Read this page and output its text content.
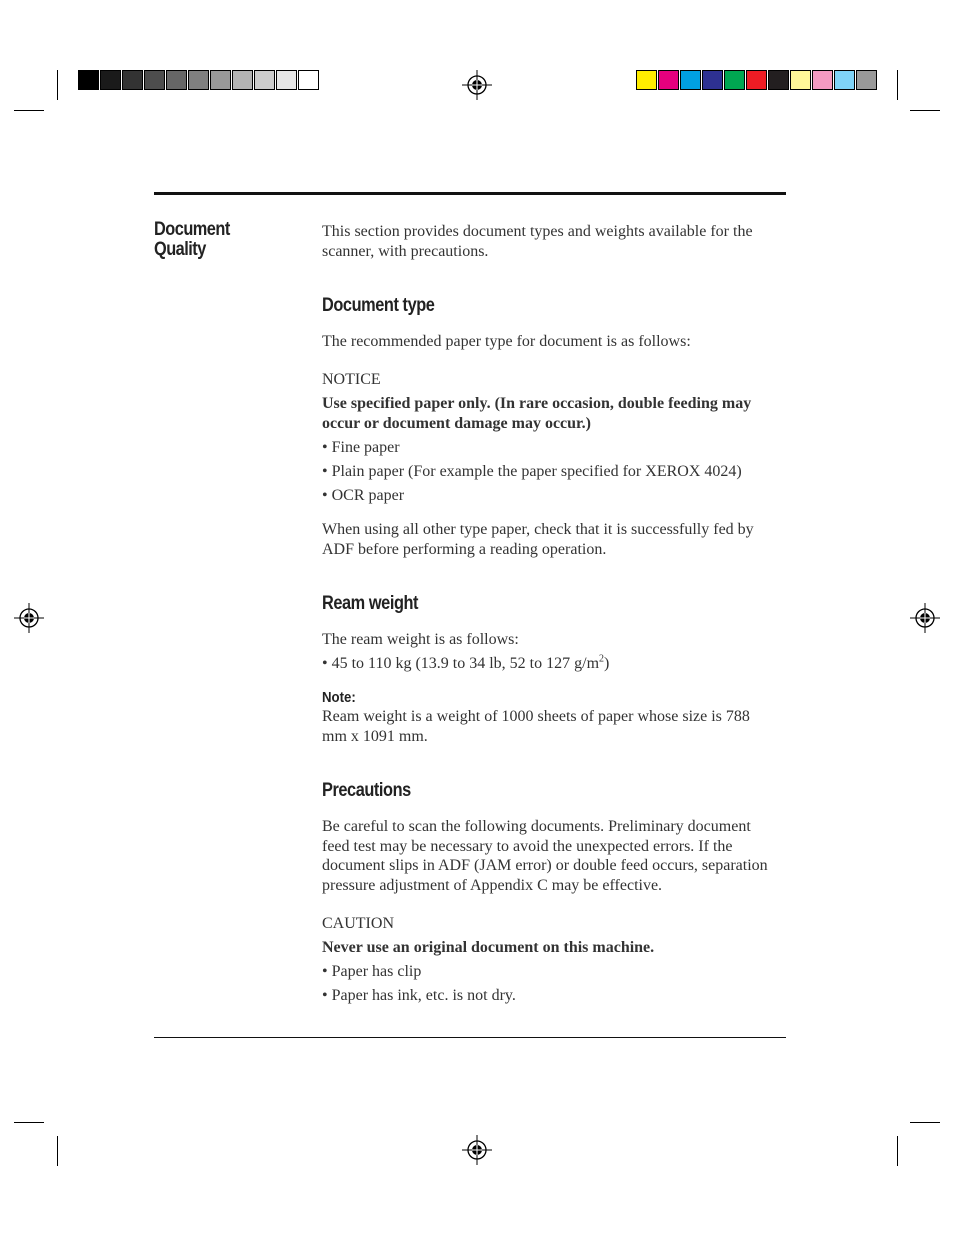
Document
Quality

This section provides document types and weights available for the scanner, with precautions.

Document type

The recommended paper type for document is as follows:

NOTICE

Use specified paper only. (In rare occasion, double feeding may occur or document damage may occur.)

• Fine paper

• Plain paper (For example the paper specified for XEROX 4024)

• OCR paper

When using all other type paper, check that it is successfully fed by ADF before performing a reading operation.

Ream weight

The ream weight is as follows:

• 45 to 110 kg (13.9 to 34 lb, 52 to 127 $g/m^2$)

Note:

Ream weight is a weight of 1000 sheets of paper whose size is 788 mm x 1091 mm.

Precautions

Be careful to scan the following documents. Preliminary document feed test may be necessary to avoid the unexpected errors. If the document slips in ADF (JAM error) or double feed occurs, separation pressure adjustment of Appendix C may be effective.

CAUTION

Never use an original document on this machine.

• Paper has clip

• Paper has ink, etc. is not dry.
